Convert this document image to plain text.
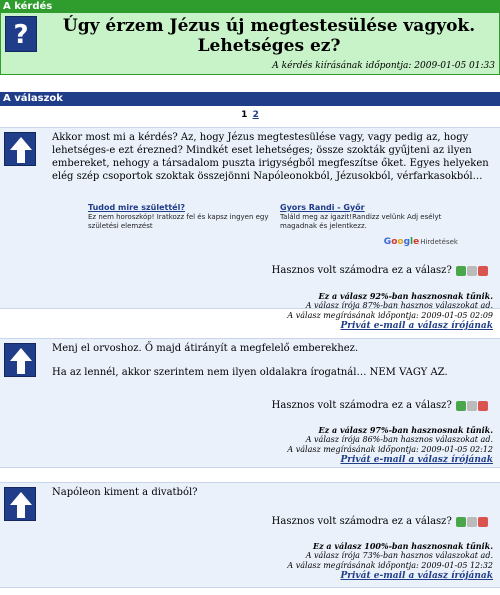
A kérdés
?	Úgy érzem Jézus új megtestesülése vagyok. Lehetséges ez?
A kérdés kiírásának időpontja: 2009-01-05 01:33
A válaszok
1 2

Akkor most mi a kérdés? Az, hogy Jézus megtestesülése vagy, vagy pedig az, hogy lehetséges-e ezt érezned? Mindkét eset lehetséges; össze szokták gyűjteni az ilyen embereket, nehogy a társadalom puszta irigységből megfeszítse őket. Egyes helyeken elég szép csoportok szoktak összejönni Napóleonokból, Jézusokból, vérfarkasokból…

Tudod mire születtél?
Ez nem horoszkóp! Iratkozz fel és kapsz ingyen egy születési elemzést
Gyors Randi - Győr
Találd meg az igazit!Randizz velünk Adj esélyt magadnak és jelentkezz.
GoogleHirdetések
Hasznos volt számodra ez a válasz?
Ez a válasz 92%-ban hasznosnak tűnik.
A válasz írója 87%-ban hasznos válaszokat ad.
A válasz megírásának időpontja: 2009-01-05 02:09
Privát e-mail a válasz írójának

Menj el orvoshoz. Ő majd átirányít a megfelelő emberekhez.

Ha az lennél, akkor szerintem nem ilyen oldalakra írogatnál… NEM VAGY AZ.

Hasznos volt számodra ez a válasz?
Ez a válasz 97%-ban hasznosnak tűnik.
A válasz írója 86%-ban hasznos válaszokat ad.
A válasz megírásának időpontja: 2009-01-05 02:12
Privát e-mail a válasz írójának

Napóleon kiment a divatból?

Hasznos volt számodra ez a válasz?
Ez a válasz 100%-ban hasznosnak tűnik.
A válasz írója 73%-ban hasznos válaszokat ad.
A válasz megírásának időpontja: 2009-01-05 12:32
Privát e-mail a válasz írójának
